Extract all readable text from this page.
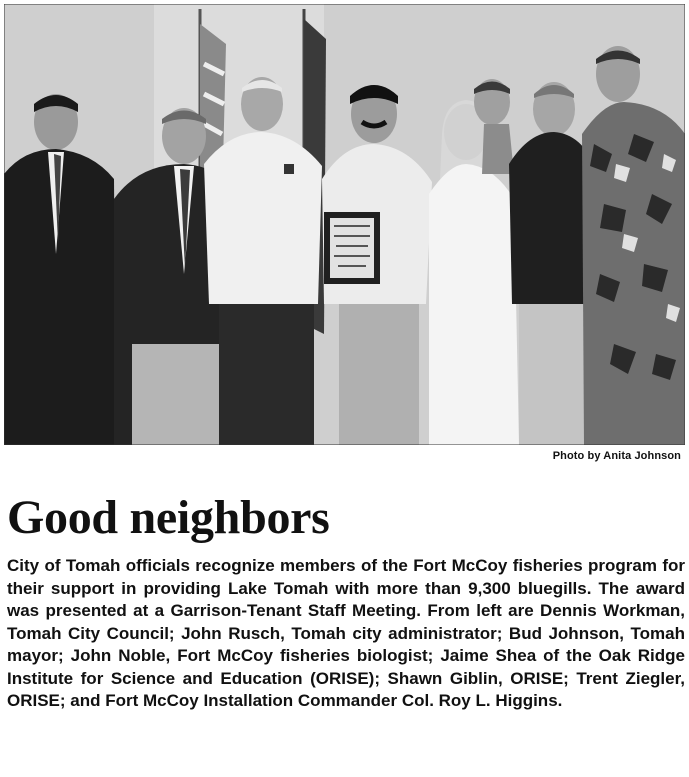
Photo by Anita Johnson
Good neighbors
City of Tomah officials recognize members of the Fort McCoy fisheries program for their support in providing Lake Tomah with more than 9,300 bluegills. The award was presented at a Garrison-Tenant Staff Meeting. From left are Dennis Workman, Tomah City Council; John Rusch, Tomah city administrator; Bud Johnson, Tomah mayor; John Noble, Fort McCoy fisheries biologist; Jaime Shea of the Oak Ridge Institute for Science and Education (ORISE); Shawn Giblin, ORISE; Trent Ziegler, ORISE; and Fort McCoy Installation Commander Col. Roy L. Higgins.
